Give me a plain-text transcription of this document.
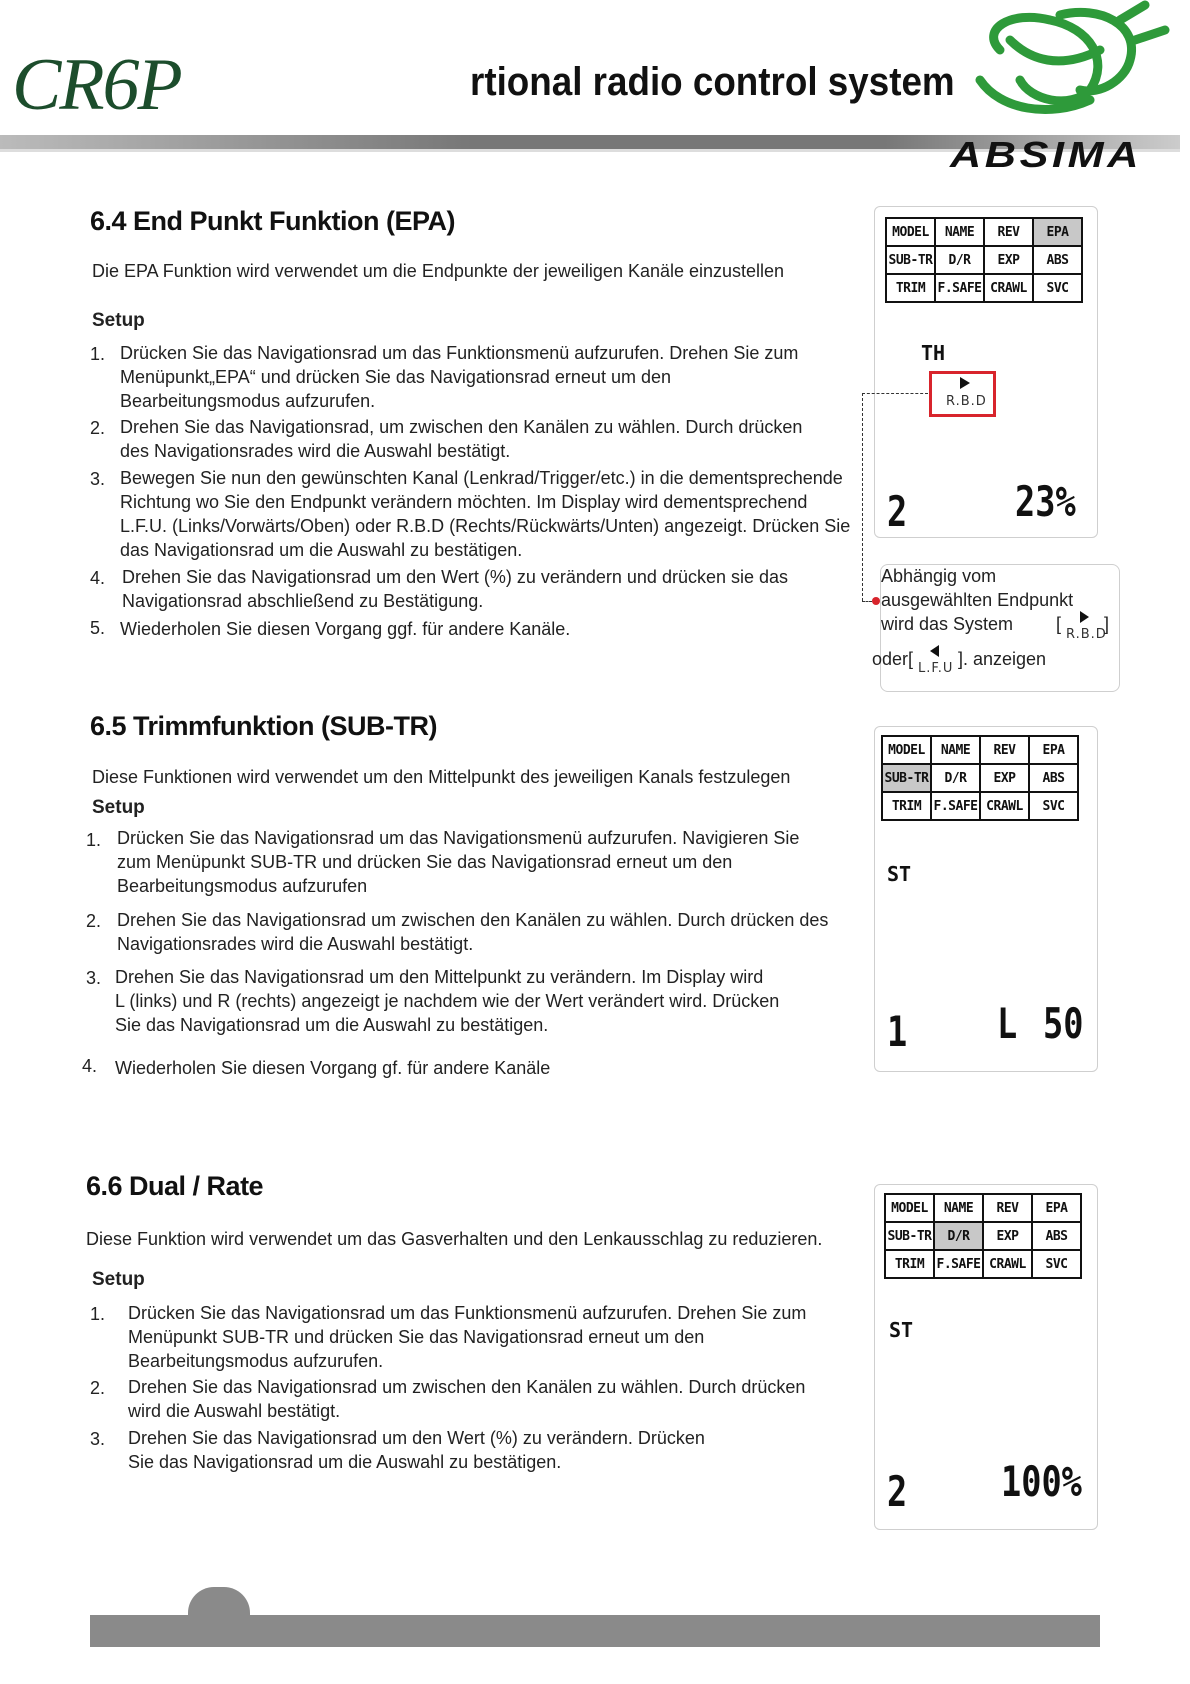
CR6P	rtional radio control system
ABSIMA
6.4 End Punkt Funktion (EPA)
Die EPA Funktion wird verwendet um die Endpunkte der jeweiligen Kanäle einzustellen
Setup
1. Drücken Sie das Navigationsrad um das Funktionsmenü aufzurufen. Drehen Sie zum
Menüpunkt„EPA“ und drücken Sie das Navigationsrad erneut um den
Bearbeitungsmodus aufzurufen.
2. Drehen Sie das Navigationsrad, um zwischen den Kanälen zu wählen. Durch drücken
des Navigationsrades wird die Auswahl bestätigt.
3. Bewegen Sie nun den gewünschten Kanal (Lenkrad/Trigger/etc.) in die dementsprechende
Richtung wo Sie den Endpunkt verändern möchten. Im Display wird dementsprechend
L.F.U. (Links/Vorwärts/Oben) oder R.B.D (Rechts/Rückwärts/Unten) angezeigt. Drücken Sie
das Navigationsrad um die Auswahl zu bestätigen.
4. Drehen Sie das Navigationsrad um den Wert (%) zu verändern und drücken sie das
Navigationsrad abschließend zu Bestätigung.
5. Wiederholen Sie diesen Vorgang ggf. für andere Kanäle.
MODEL	NAME	REV	EPA
SUB-TR	D/R	EXP	ABS
TRIM	F.SAFE	CRAWL	SVC
TH
R.B.D
2	23%
Abhängig vom
ausgewählten Endpunkt
wird das System [
R.B.D
]
oder[ L.F.U ]. anzeigen
6.5 Trimmfunktion (SUB-TR)
Diese Funktionen wird verwendet um den Mittelpunkt des jeweiligen Kanals festzulegen
Setup
1. Drücken Sie das Navigationsrad um das Navigationsmenü aufzurufen. Navigieren Sie
zum Menüpunkt SUB-TR und drücken Sie das Navigationsrad erneut um den
Bearbeitungsmodus aufzurufen
2. Drehen Sie das Navigationsrad um zwischen den Kanälen zu wählen. Durch drücken des
Navigationsrades wird die Auswahl bestätigt.
3. Drehen Sie das Navigationsrad um den Mittelpunkt zu verändern. Im Display wird
L (links) und R (rechts) angezeigt je nachdem wie der Wert verändert wird. Drücken
Sie das Navigationsrad um die Auswahl zu bestätigen.
4. Wiederholen Sie diesen Vorgang gf. für andere Kanäle
MODEL	NAME	REV	EPA
SUB-TR	D/R	EXP	ABS
TRIM	F.SAFE	CRAWL	SVC
ST
1 L 50
6.6 Dual / Rate
Diese Funktion wird verwendet um das Gasverhalten und den Lenkausschlag zu reduzieren.
Setup
1. Drücken Sie das Navigationsrad um das Funktionsmenü aufzurufen. Drehen Sie zum
Menüpunkt SUB-TR und drücken Sie das Navigationsrad erneut um den
Bearbeitungsmodus aufzurufen.
2. Drehen Sie das Navigationsrad um zwischen den Kanälen zu wählen. Durch drücken
wird die Auswahl bestätigt.
3. Drehen Sie das Navigationsrad um den Wert (%) zu verändern. Drücken
Sie das Navigationsrad um die Auswahl zu bestätigen.
MODEL	NAME	REV	EPA
SUB-TR	D/R	EXP	ABS
TRIM	F.SAFE	CRAWL	SVC
ST
2 100%
